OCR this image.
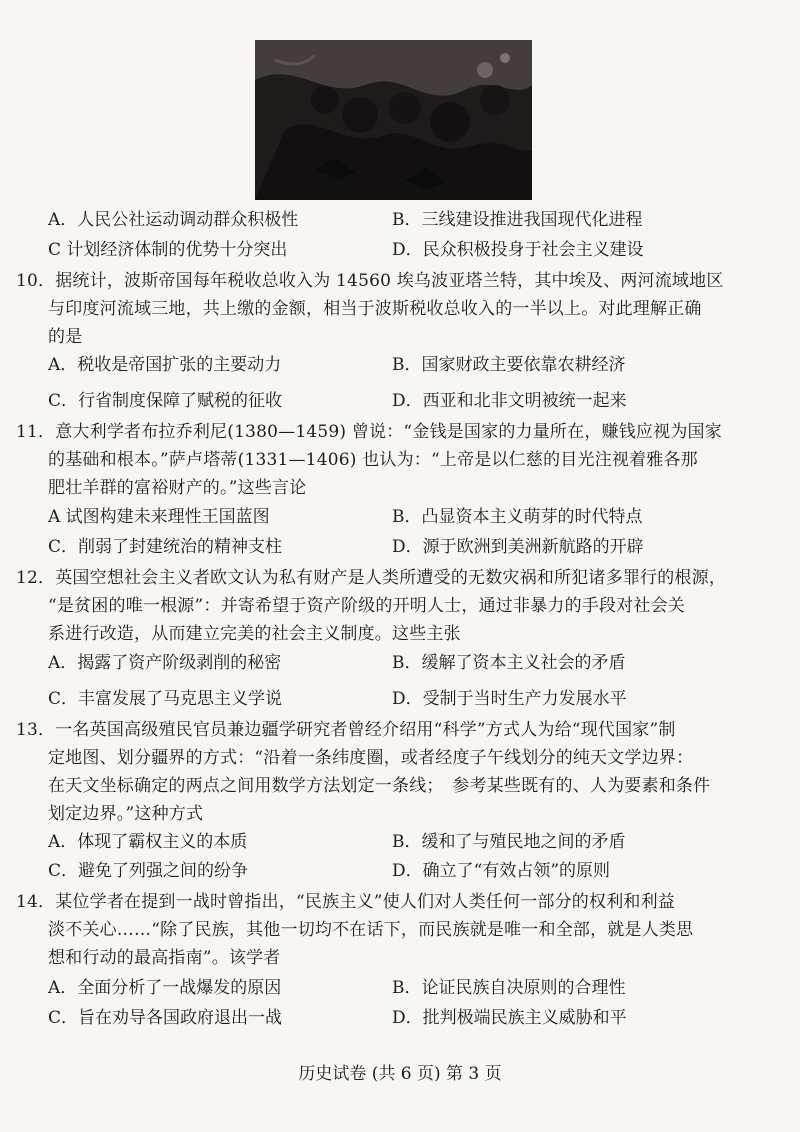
A．人民公社运动调动群众积极性	B．三线建设推进我国现代化进程
C 计划经济体制的优势十分突出	D．民众积极投身于社会主义建设
10．据统计，波斯帝国每年税收总收入为 14560 埃乌波亚塔兰特，其中埃及、两河流域地区
与印度河流域三地，共上缴的金额，相当于波斯税收总收入的一半以上。对此理解正确
的是
A．税收是帝国扩张的主要动力	B．国家财政主要依靠农耕经济
C．行省制度保障了赋税的征收	D．西亚和北非文明被统一起来
11．意大利学者布拉乔利尼(1380—1459) 曾说：“金钱是国家的力量所在，赚钱应视为国家
的基础和根本。”萨卢塔蒂(1331—1406) 也认为：“上帝是以仁慈的目光注视着雅各那
肥壮羊群的富裕财产的。”这些言论
A 试图构建未来理性王国蓝图	B．凸显资本主义萌芽的时代特点
C．削弱了封建统治的精神支柱	D．源于欧洲到美洲新航路的开辟
12．英国空想社会主义者欧文认为私有财产是人类所遭受的无数灾祸和所犯诸多罪行的根源，
“是贫困的唯一根源”：并寄希望于资产阶级的开明人士，通过非暴力的手段对社会关
系进行改造，从而建立完美的社会主义制度。这些主张
A．揭露了资产阶级剥削的秘密	B．缓解了资本主义社会的矛盾
C．丰富发展了马克思主义学说	D．受制于当时生产力发展水平
13．一名英国高级殖民官员兼边疆学研究者曾经介绍用“科学”方式人为给“现代国家”制
定地图、划分疆界的方式：“沿着一条纬度圈，或者经度子午线划分的纯天文学边界：
在天文坐标确定的两点之间用数学方法划定一条线；　参考某些既有的、人为要素和条件
划定边界。”这种方式
A．体现了霸权主义的本质	B．缓和了与殖民地之间的矛盾
C．避免了列强之间的纷争	D．确立了“有效占领”的原则
14．某位学者在提到一战时曾指出，“民族主义”使人们对人类任何一部分的权利和利益
淡不关心……“除了民族，其他一切均不在话下，而民族就是唯一和全部，就是人类思
想和行动的最高指南”。该学者
A．全面分析了一战爆发的原因	B．论证民族自决原则的合理性
C．旨在劝导各国政府退出一战	D．批判极端民族主义威胁和平
历史试卷 (共 6 页) 第 3 页
